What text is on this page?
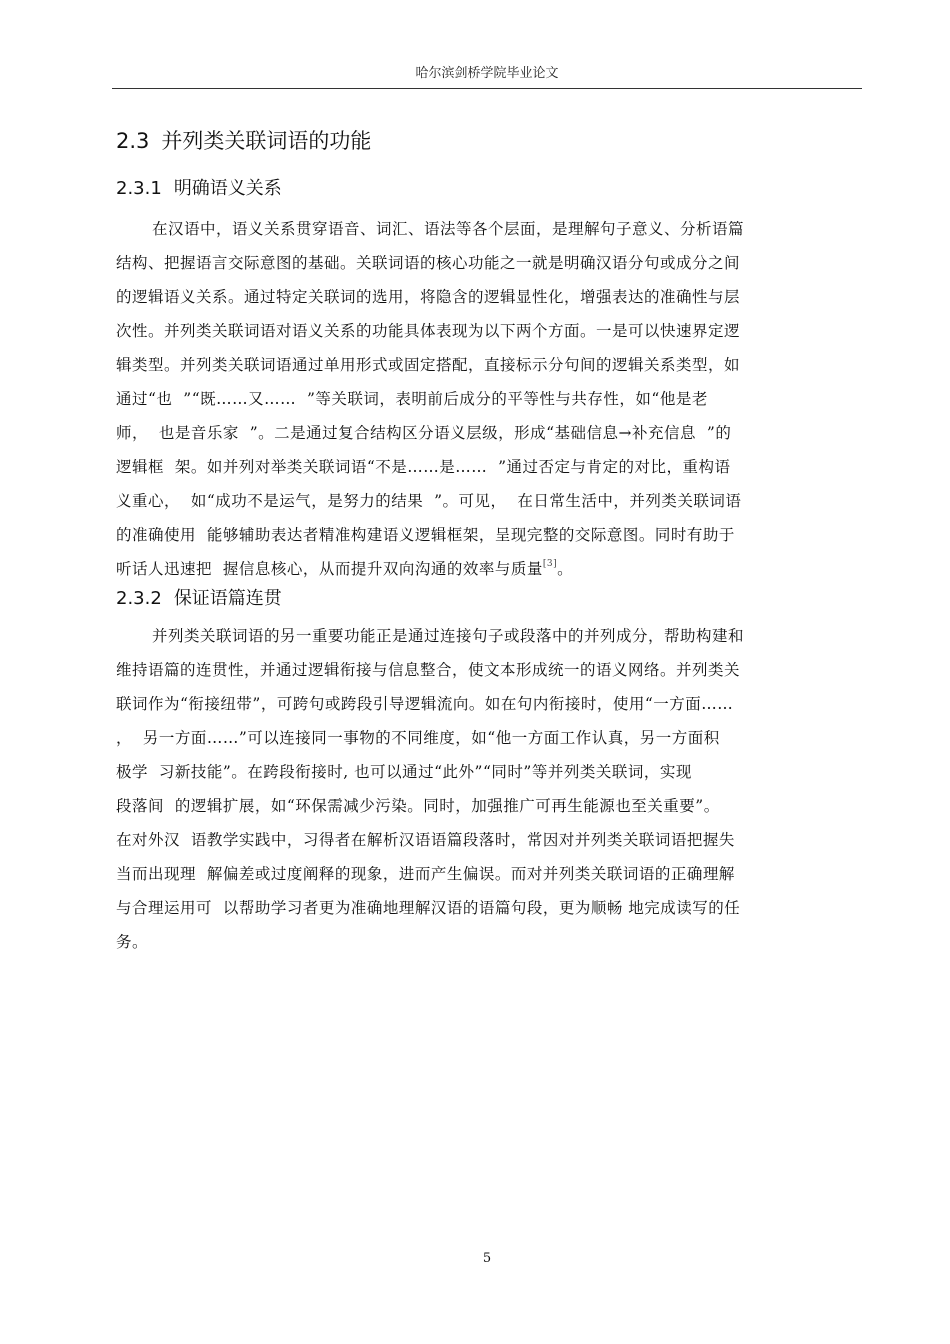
哈尔滨剑桥学院毕业论文
2.3 并列类关联词语的功能
2.3.1 明确语义关系
在汉语中，语义关系贯穿语音、词汇、语法等各个层面，是理解句子意义、分析语篇
结构、把握语言交际意图的基础。关联词语的核心功能之一就是明确汉语分句或成分之间
的逻辑语义关系。通过特定关联词的选用，将隐含的逻辑显性化，增强表达的准确性与层
次性。并列类关联词语对语义关系的功能具体表现为以下两个方面。一是可以快速界定逻
辑类型。并列类关联词语通过单用形式或固定搭配，直接标示分句间的逻辑关系类型，如
通过“也  ”“既……又……  ”等关联词，表明前后成分的平等性与共存性，如“他是老
师，  也是音乐家  ”。二是通过复合结构区分语义层级，形成“基础信息→补充信息  ”的
逻辑框  架。如并列对举类关联词语“不是……是……  ”通过否定与肯定的对比，重构语
义重心，  如“成功不是运气，是努力的结果  ”。可见，  在日常生活中，并列类关联词语
的准确使用  能够辅助表达者精准构建语义逻辑框架，呈现完整的交际意图。同时有助于
听话人迅速把  握信息核心，从而提升双向沟通的效率与质量[3]。
2.3.2 保证语篇连贯
并列类关联词语的另一重要功能正是通过连接句子或段落中的并列成分，帮助构建和
维持语篇的连贯性，并通过逻辑衔接与信息整合，使文本形成统一的语义网络。并列类关
联词作为“衔接纽带”，可跨句或跨段引导逻辑流向。如在句内衔接时，使用“一方面……
，  另一方面……”可以连接同一事物的不同维度，如“他一方面工作认真，另一方面积
极学  习新技能”。在跨段衔接时, 也可以通过“此外”“同时”等并列类关联词，实现
段落间  的逻辑扩展，如“环保需减少污染。同时，加强推广可再生能源也至关重要”。
在对外汉  语教学实践中，习得者在解析汉语语篇段落时，常因对并列类关联词语把握失
当而出现理  解偏差或过度阐释的现象，进而产生偏误。而对并列类关联词语的正确理解
与合理运用可  以帮助学习者更为准确地理解汉语的语篇句段，更为顺畅 地完成读写的任
务。
5
